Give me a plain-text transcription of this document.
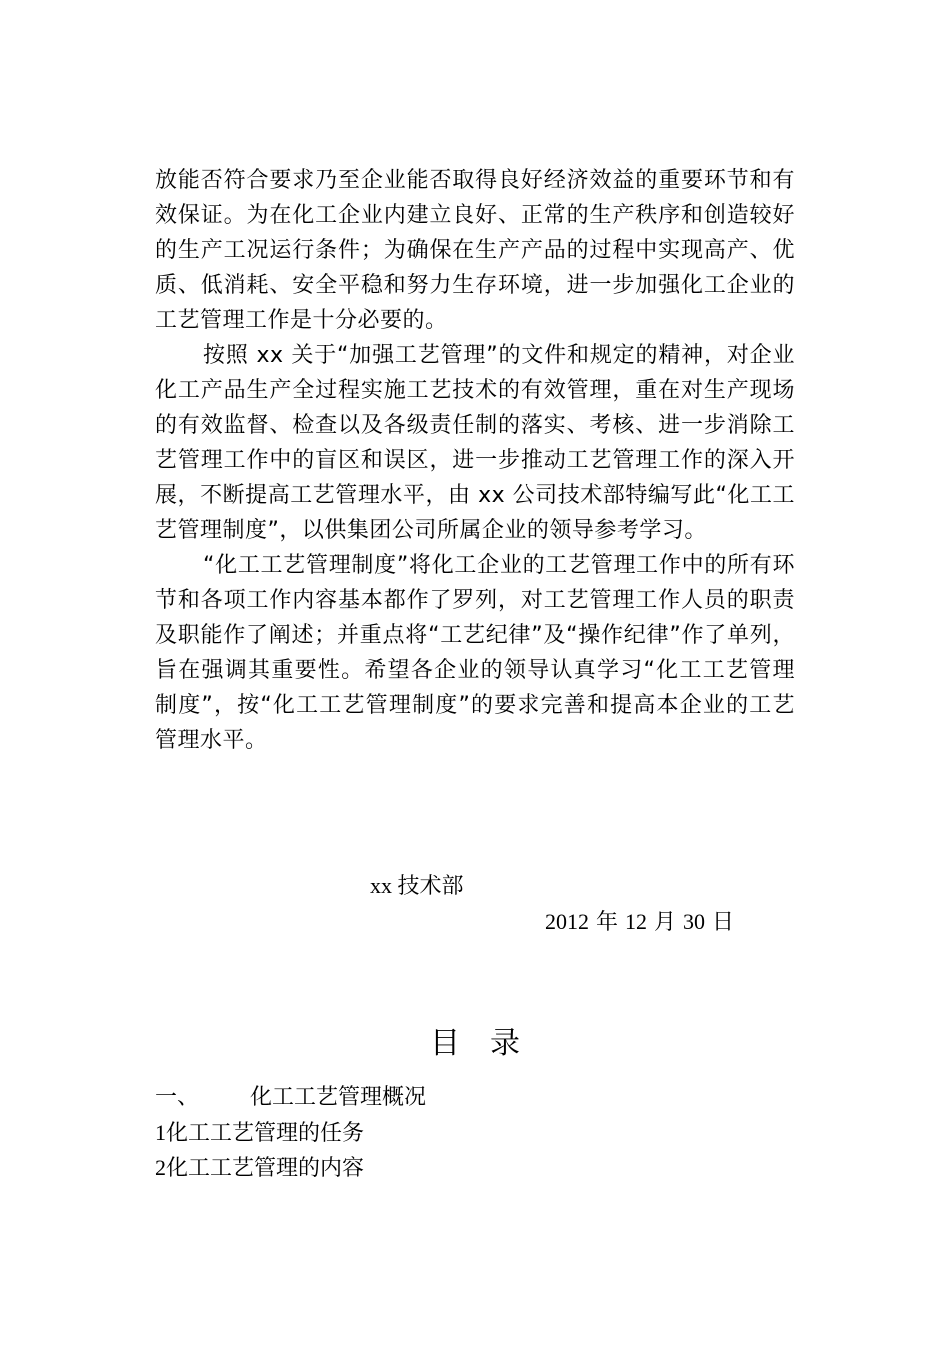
放能否符合要求乃至企业能否取得良好经济效益的重要环节和有效保证。为在化工企业内建立良好、正常的生产秩序和创造较好的生产工况运行条件；为确保在生产产品的过程中实现高产、优质、低消耗、安全平稳和努力生存环境，进一步加强化工企业的工艺管理工作是十分必要的。

按照 xx 关于“加强工艺管理”的文件和规定的精神，对企业化工产品生产全过程实施工艺技术的有效管理，重在对生产现场的有效监督、检查以及各级责任制的落实、考核、进一步消除工艺管理工作中的盲区和误区，进一步推动工艺管理工作的深入开展，不断提高工艺管理水平，由 xx 公司技术部特编写此“化工工艺管理制度”，以供集团公司所属企业的领导参考学习。

“化工工艺管理制度”将化工企业的工艺管理工作中的所有环节和各项工作内容基本都作了罗列，对工艺管理工作人员的职责及职能作了阐述；并重点将“工艺纪律”及“操作纪律”作了单列，旨在强调其重要性。希望各企业的领导认真学习“化工工艺管理制度”，按“化工工艺管理制度”的要求完善和提高本企业的工艺管理水平。

xx 技术部
2012 年 12 月 30 日
目录
一、 化工工艺管理概况
1化工工艺管理的任务
2化工工艺管理的内容
